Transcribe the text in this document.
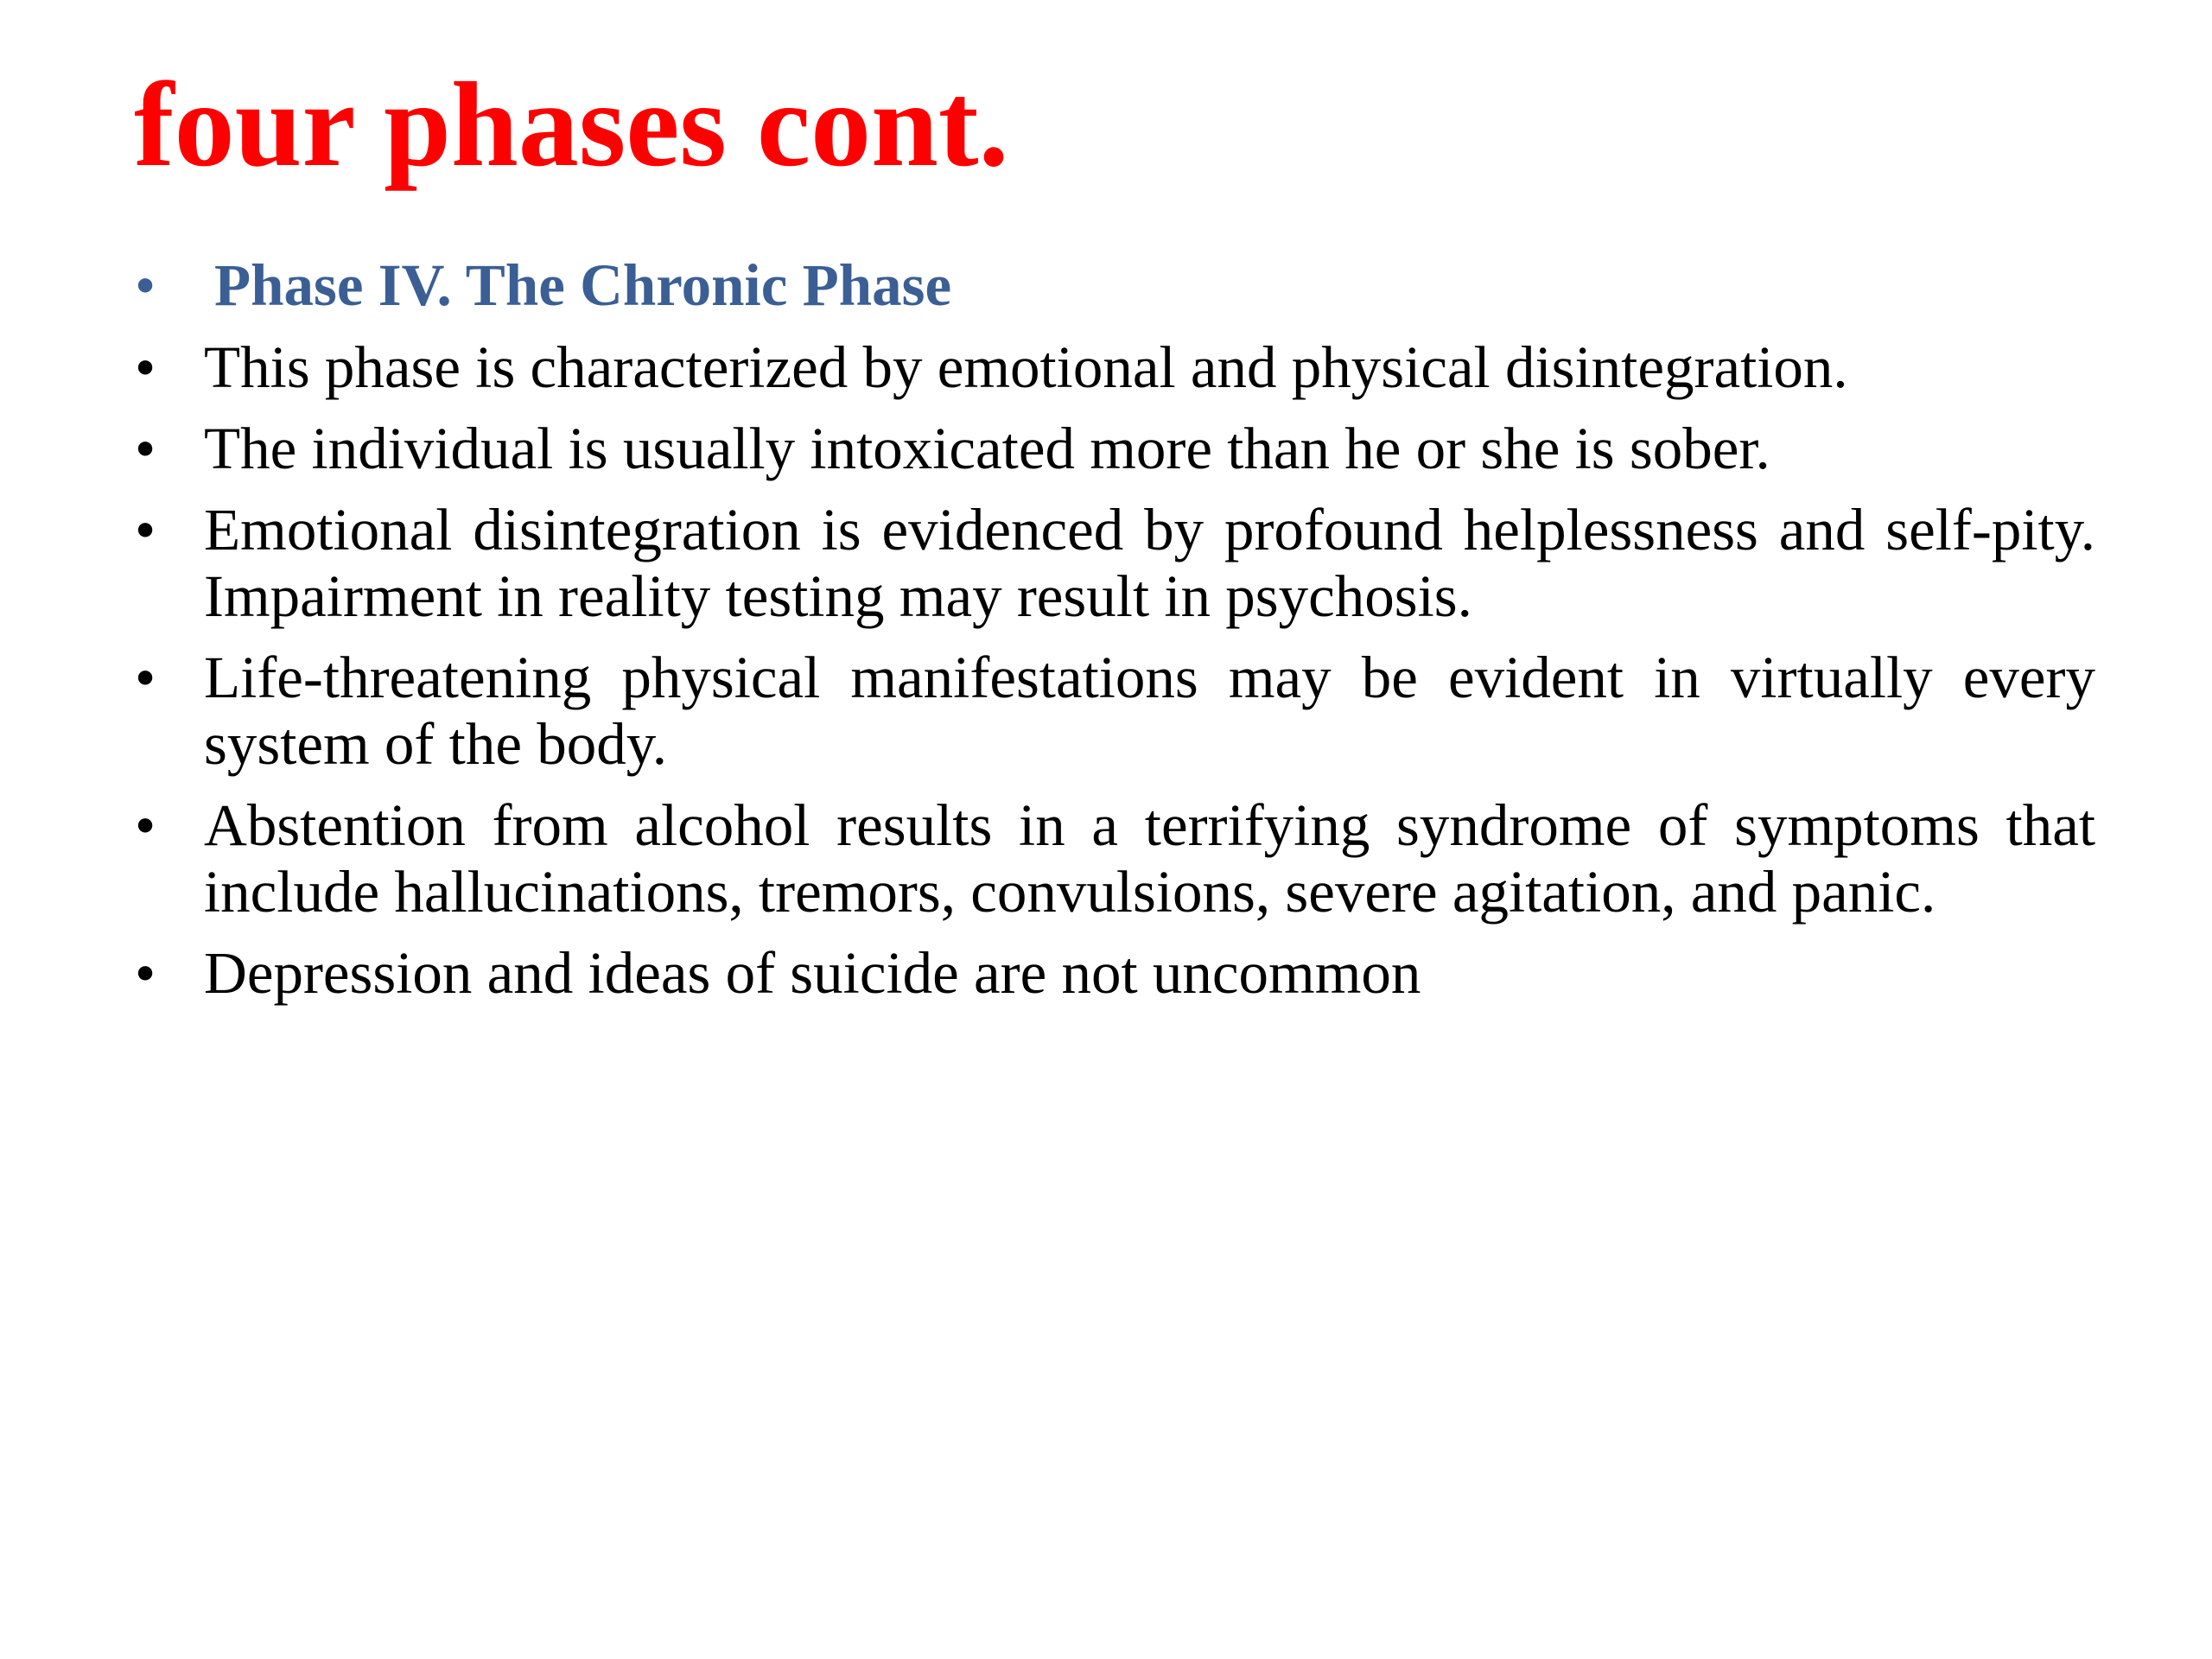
four phases cont.
• Phase IV. The Chronic Phase
• This phase is characterized by emotional and physical disintegration.
• The individual is usually intoxicated more than he or she is sober.
• Emotional disintegration is evidenced by profound helplessness and self-pity. Impairment in reality testing may result in psychosis.
• Life-threatening physical manifestations may be evident in virtually every system of the body.
• Abstention from alcohol results in a terrifying syndrome of symptoms that include hallucinations, tremors, convulsions, severe agitation, and panic.
• Depression and ideas of suicide are not uncommon
